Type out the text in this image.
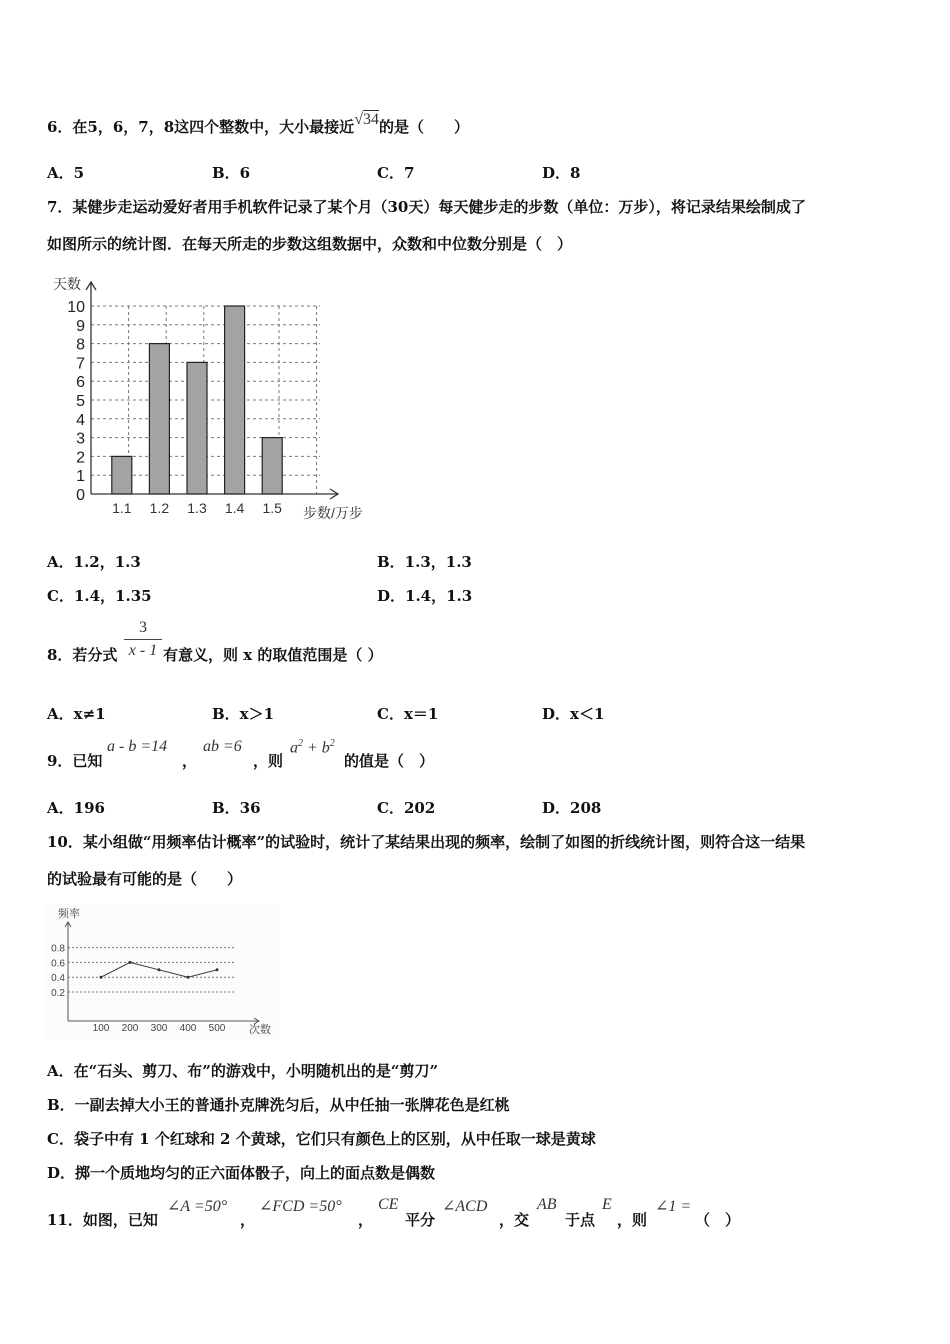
6．在5，6，7，8这四个整数中，大小最接近√34的是（　　）
A．5	B．6	C．7	D．8
7．某健步走运动爱好者用手机软件记录了某个月（30天）每天健步走的步数（单位：万步），将记录结果绘制成了
如图所示的统计图．在每天所走的步数这组数据中，众数和中位数分别是（　）
天数
步数/万步
0
1
2
3
4
5
6
7
8
9
10
1.1 1.2 1.3 1.4 1.5
A．1.2，1.3	B．1.3，1.3
C．1.4，1.35	D．1.4，1.3
8．若分式 $\frac{3}{x - 1}$ 有意义，则 x 的取值范围是（ ）
A．x≠1	B．x＞1	C．x＝1	D．x＜1
9．已知
a - b =14
，
ab =6
，则
$a^2 + b^2$
的值是（　）
A．196	B．36	C．202	D．208
10．某小组做“用频率估计概率”的试验时，统计了某结果出现的频率，绘制了如图的折线统计图，则符合这一结果
的试验最有可能的是（　　）
频率
次数
0.2
0.4
0.6
0.8
100 200 300 400 500
A．在“石头、剪刀、布”的游戏中，小明随机出的是“剪刀”
B．一副去掉大小王的普通扑克牌洗匀后，从中任抽一张牌花色是红桃
C．袋子中有 1 个红球和 2 个黄球，它们只有颜色上的区别，从中任取一球是黄球
D．掷一个质地均匀的正六面体骰子，向上的面点数是偶数
11．如图，已知
∠A =50°
，
∠FCD =50°
，
CE
平分
∠ACD
，交
AB
于点
E
，则
∠1 =
（　）
